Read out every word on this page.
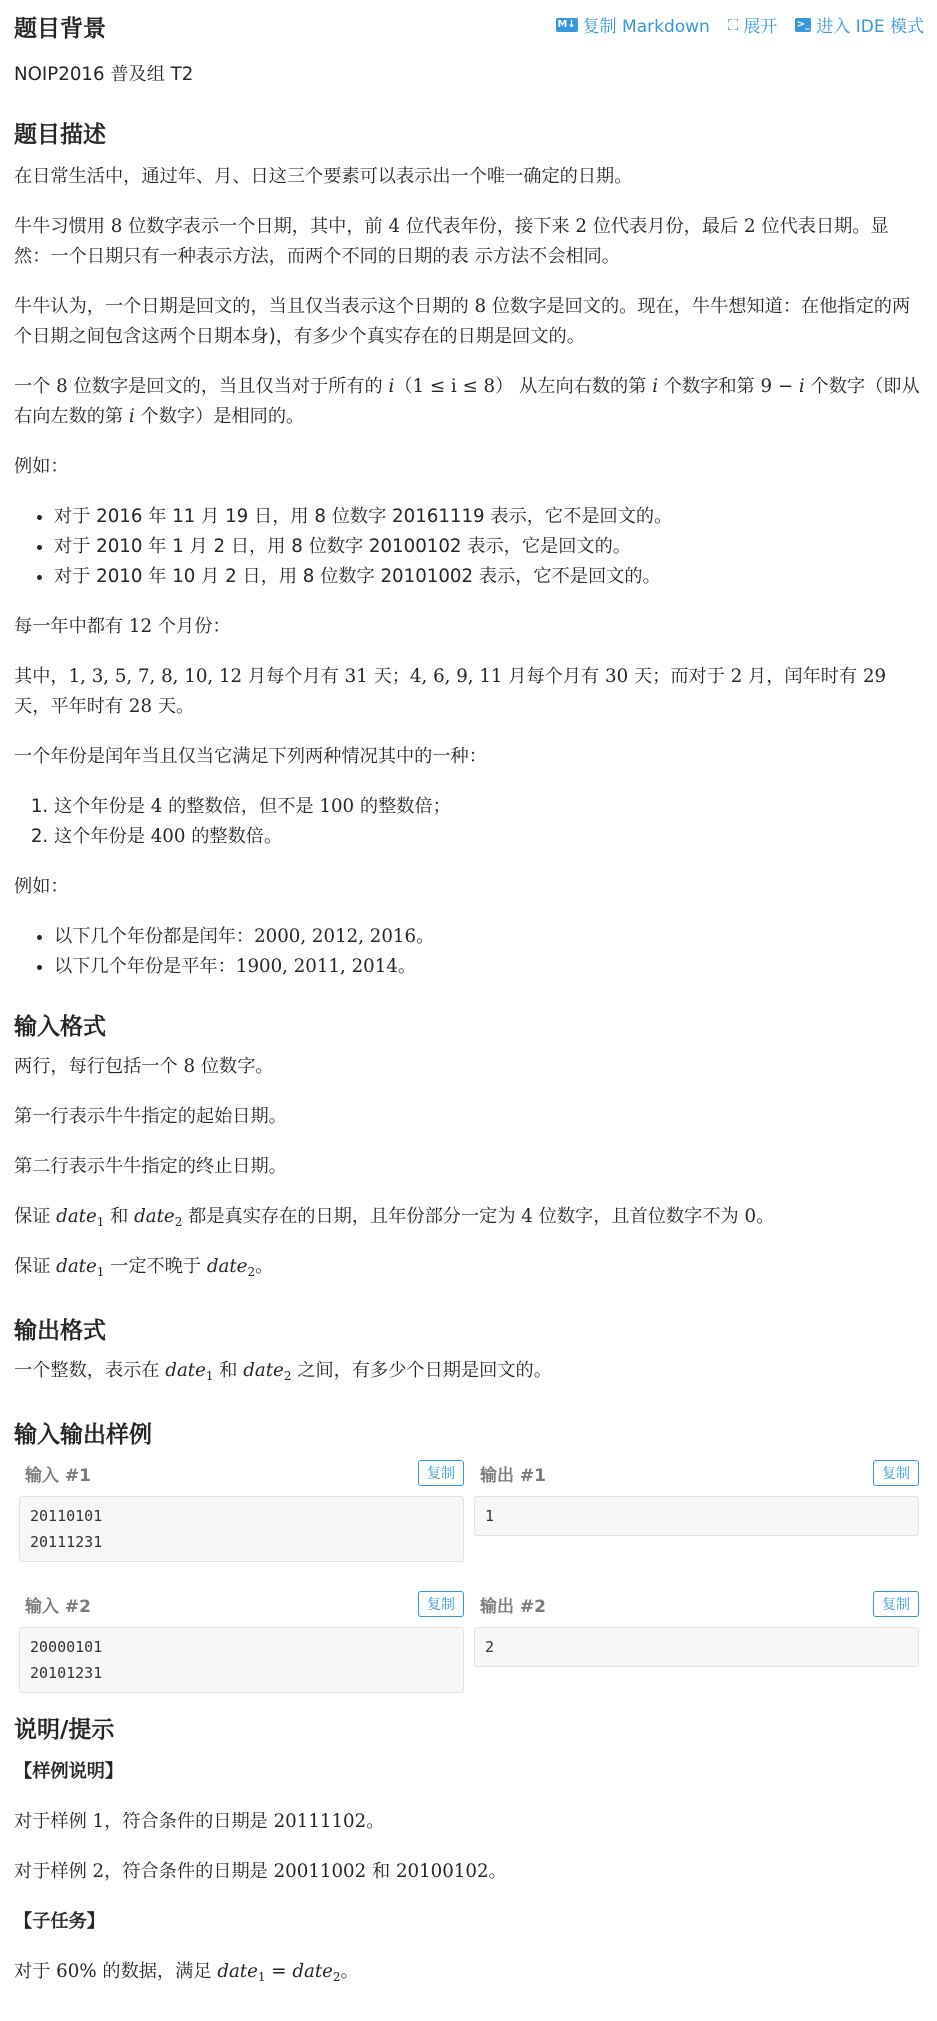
题目背景	M↓ 复制 Markdown ⛶ 展开 >_ 进入 IDE 模式

NOIP2016 普及组 T2

题目描述

在日常生活中，通过年、月、日这三个要素可以表示出一个唯一确定的日期。

牛牛习惯用 8 位数字表示一个日期，其中，前 4 位代表年份，接下来 2 位代表月份，最后 2 位代表日期。显然：一个日期只有一种表示方法，而两个不同的日期的表 示方法不会相同。

牛牛认为，一个日期是回文的，当且仅当表示这个日期的 8 位数字是回文的。现在，牛牛想知道：在他指定的两个日期之间包含这两个日期本身)，有多少个真实存在的日期是回文的。

一个 8 位数字是回文的，当且仅当对于所有的 i（1 ≤ i ≤ 8） 从左向右数的第 i 个数字和第 9 − i 个数字（即从右向左数的第 i 个数字）是相同的。

例如：

• 对于 2016 年 11 月 19 日，用 8 位数字 20161119 表示，它不是回文的。
• 对于 2010 年 1 月 2 日，用 8 位数字 20100102 表示，它是回文的。
• 对于 2010 年 10 月 2 日，用 8 位数字 20101002 表示，它不是回文的。

每一年中都有 12 个月份：

其中，1, 3, 5, 7, 8, 10, 12 月每个月有 31 天；4, 6, 9, 11 月每个月有 30 天；而对于 2 月，闰年时有 29 天，平年时有 28 天。

一个年份是闰年当且仅当它满足下列两种情况其中的一种：

1. 这个年份是 4 的整数倍，但不是 100 的整数倍；
2. 这个年份是 400 的整数倍。

例如：

• 以下几个年份都是闰年：2000, 2012, 2016。
• 以下几个年份是平年：1900, 2011, 2014。
输入格式

两行，每行包括一个 8 位数字。

第一行表示牛牛指定的起始日期。

第二行表示牛牛指定的终止日期。

保证 date$_1$ 和 date$_2$ 都是真实存在的日期，且年份部分一定为 4 位数字，且首位数字不为 0。

保证 date$_1$ 一定不晚于 date$_2$。

输出格式

一个整数，表示在 date$_1$ 和 date$_2$ 之间，有多少个日期是回文的。

输入输出样例
输入 #1	复制
20110101
20111231
输出 #1	复制
1
输入 #2	复制
20000101
20101231
输出 #2	复制
2
说明/提示

【样例说明】

对于样例 1，符合条件的日期是 20111102。

对于样例 2，符合条件的日期是 20011002 和 20100102。

【子任务】

对于 60% 的数据，满足 date$_1$ = date$_2$。
